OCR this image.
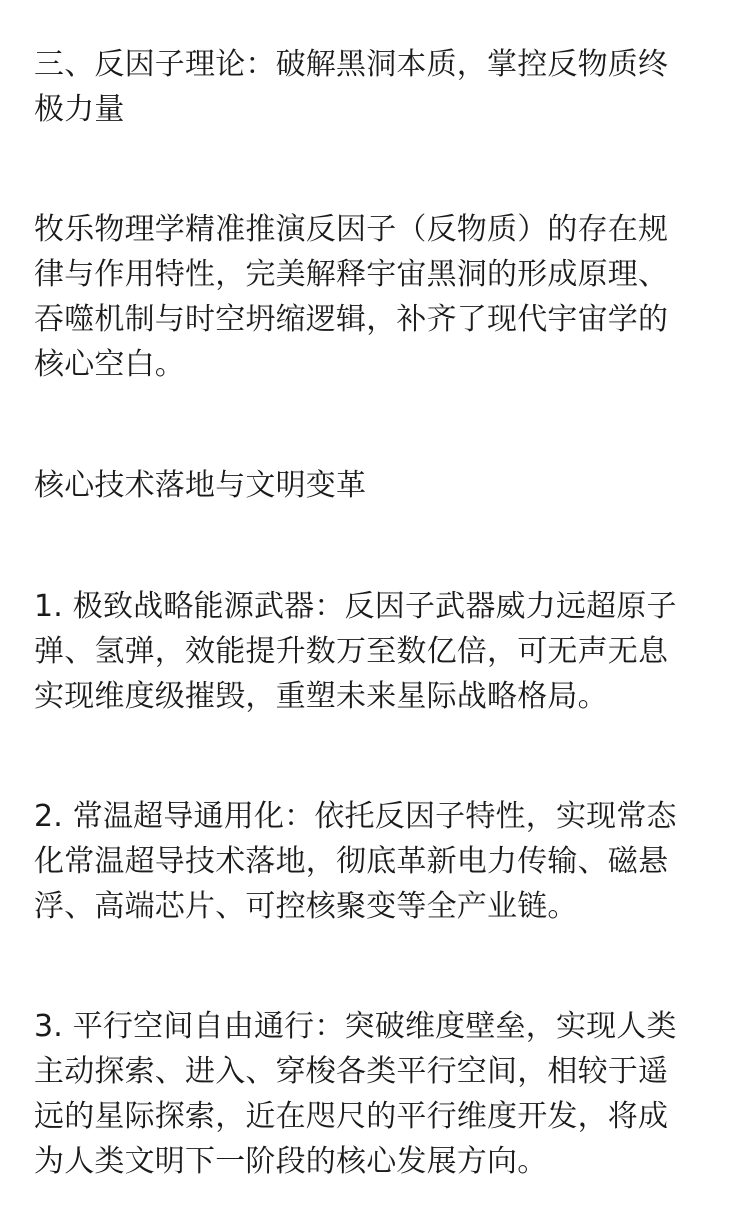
三、反因子理论：破解黑洞本质，掌控反物质终
极力量

牧乐物理学精准推演反因子（反物质）的存在规
律与作用特性，完美解释宇宙黑洞的形成原理、
吞噬机制与时空坍缩逻辑，补齐了现代宇宙学的
核心空白。

核心技术落地与文明变革

1. 极致战略能源武器：反因子武器威力远超原子
弹、氢弹，效能提升数万至数亿倍，可无声无息
实现维度级摧毁，重塑未来星际战略格局。

2. 常温超导通用化：依托反因子特性，实现常态
化常温超导技术落地，彻底革新电力传输、磁悬
浮、高端芯片、可控核聚变等全产业链。

3. 平行空间自由通行：突破维度壁垒，实现人类
主动探索、进入、穿梭各类平行空间，相较于遥
远的星际探索，近在咫尺的平行维度开发，将成
为人类文明下一阶段的核心发展方向。
